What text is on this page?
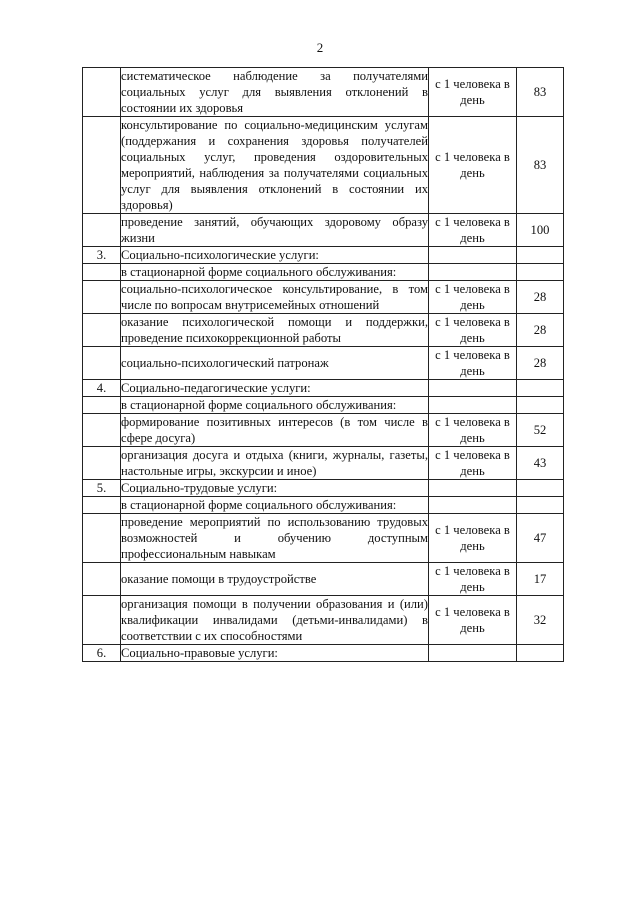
2
	систематическое наблюдение за получателями социальных услуг для выявления отклонений в состоянии их здоровья	с 1 человека в день	83
	консультирование по социально-медицинским услугам (поддержания и сохранения здоровья получателей социальных услуг, проведения оздоровительных мероприятий, наблюдения за получателями социальных услуг для выявления отклонений в состоянии их здоровья)	с 1 человека в день	83
	проведение занятий, обучающих здоровому образу жизни	с 1 человека в день	100
3.	Социально-психологические услуги:		
	в стационарной форме социального обслуживания:		
	социально-психологическое консультирование, в том числе по вопросам внутрисемейных отношений	с 1 человека в день	28
	оказание психологической помощи и поддержки, проведение психокоррекционной работы	с 1 человека в день	28
	социально-психологический патронаж	с 1 человека в день	28
4.	Социально-педагогические услуги:		
	в стационарной форме социального обслуживания:		
	формирование позитивных интересов (в том числе в сфере досуга)	с 1 человека в день	52
	организация досуга и отдыха (книги, журналы, газеты, настольные игры, экскурсии и иное)	с 1 человека в день	43
5.	Социально-трудовые услуги:		
	в стационарной форме социального обслуживания:		
	проведение мероприятий по использованию трудовых возможностей и обучению доступным профессиональным навыкам	с 1 человека в день	47
	оказание помощи в трудоустройстве	с 1 человека в день	17
	организация помощи в получении образования и (или) квалификации инвалидами (детьми-инвалидами) в соответствии с их способностями	с 1 человека в день	32
6.	Социально-правовые услуги:		
